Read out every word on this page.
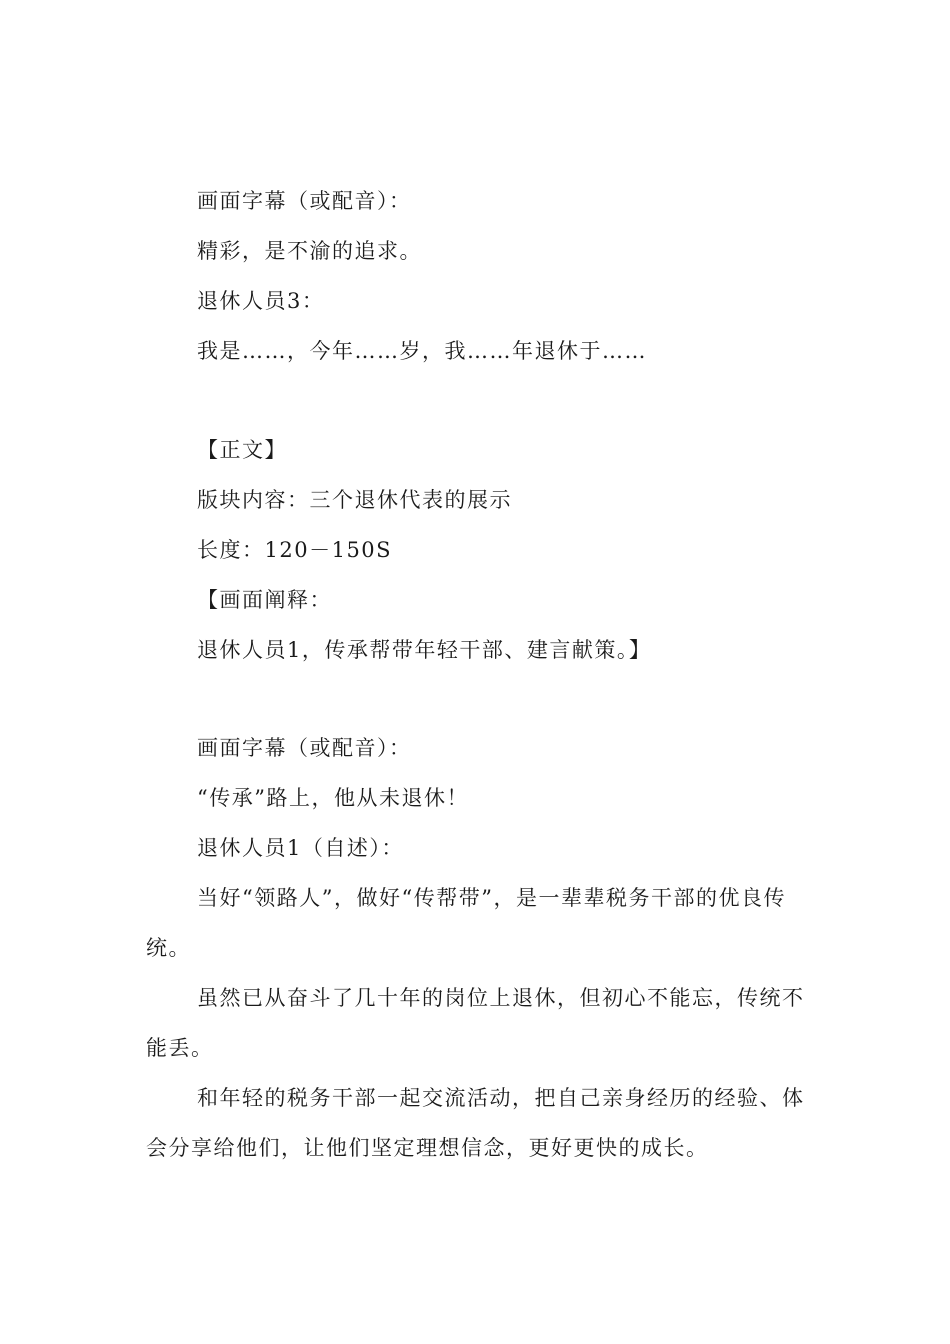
画面字幕（或配音）：

精彩，是不渝的追求。

退休人员3：

我是……，今年……岁，我……年退休于……

【正文】

版块内容：三个退休代表的展示

长度：120－150S

【画面阐释：

退休人员1，传承帮带年轻干部、建言献策。】

画面字幕（或配音）：

“传承”路上，他从未退休！

退休人员1（自述）：

当好“领路人”，做好“传帮带”，是一辈辈税务干部的优良传统。

虽然已从奋斗了几十年的岗位上退休，但初心不能忘，传统不能丢。

和年轻的税务干部一起交流活动，把自己亲身经历的经验、体会分享给他们，让他们坚定理想信念，更好更快的成长。
